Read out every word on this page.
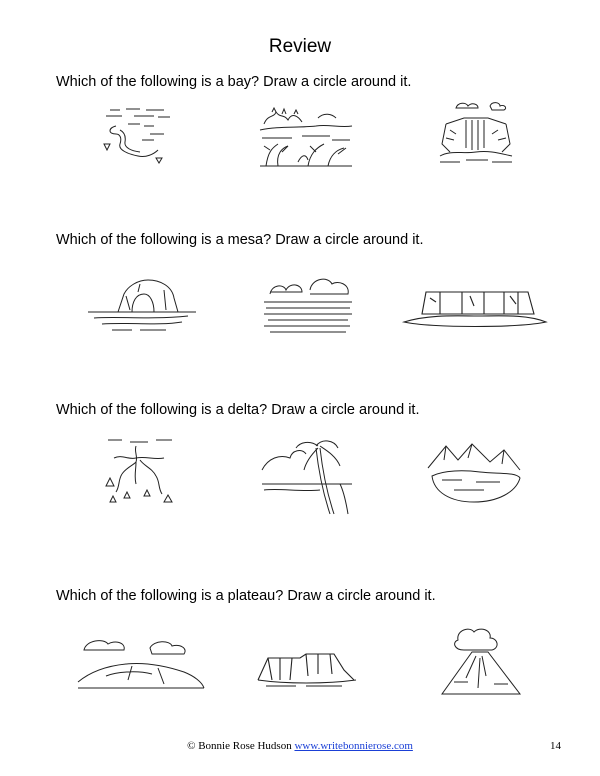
Review
Which of the following is a bay? Draw a circle around it.
Which of the following is a mesa? Draw a circle around it.
Which of the following is a delta? Draw a circle around it.
Which of the following is a plateau? Draw a circle around it.
© Bonnie Rose Hudson www.writebonnierose.com	14
